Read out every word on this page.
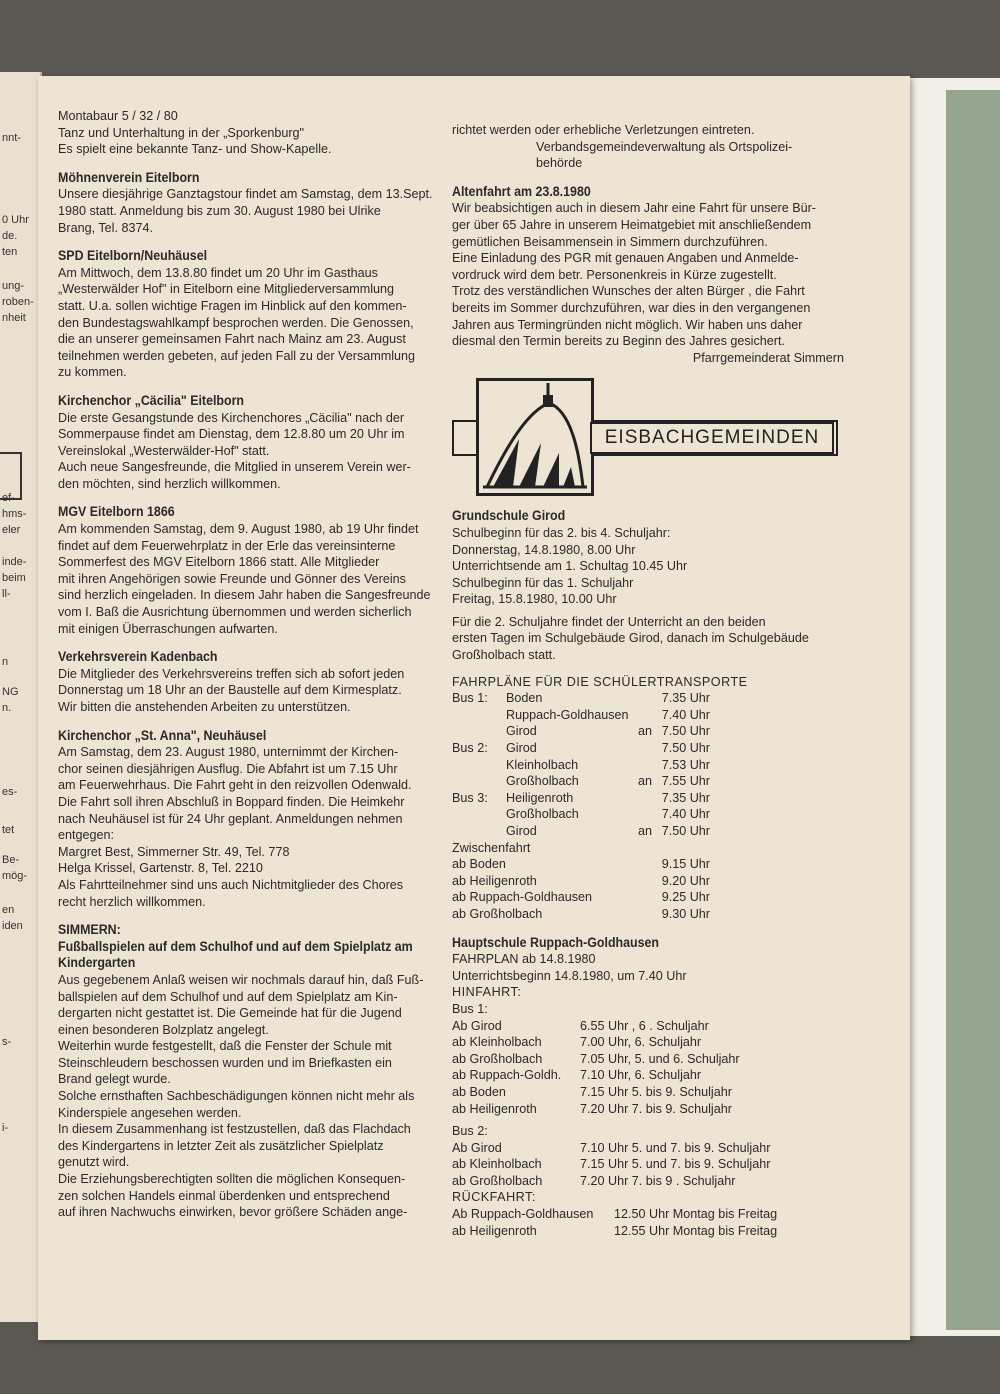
nnt-
0 Uhr
de.
ten
ung-
roben-
nheit
ef-
hms-
eler
inde-
beim
ll-
n
NG
n.
es-
tet
Be-
mög-
en
iden
s-
i-

Montabaur 5 / 32 / 80

Tanz und Unterhaltung in der „Sporkenburg"

Es spielt eine bekannte Tanz- und Show-Kapelle.

Möhnenverein Eitelborn

Unsere diesjährige Ganztagstour findet am Samstag, dem 13.Sept.

1980 statt. Anmeldung bis zum 30. August 1980 bei Ulrike

Brang, Tel. 8374.

SPD Eitelborn/Neuhäusel

Am Mittwoch, dem 13.8.80 findet um 20 Uhr im Gasthaus

„Westerwälder Hof" in Eitelborn eine Mitgliederversammlung

statt. U.a. sollen wichtige Fragen im Hinblick auf den kommen-

den Bundestagswahlkampf besprochen werden. Die Genossen,

die an unserer gemeinsamen Fahrt nach Mainz am 23. August

teilnehmen werden gebeten, auf jeden Fall zu der Versammlung

zu kommen.

Kirchenchor „Cäcilia" Eitelborn

Die erste Gesangstunde des Kirchenchores „Cäcilia" nach der

Sommerpause findet am Dienstag, dem 12.8.80 um 20 Uhr im

Vereinslokal „Westerwälder-Hof" statt.

Auch neue Sangesfreunde, die Mitglied in unserem Verein wer-

den möchten, sind herzlich willkommen.

MGV Eitelborn 1866

Am kommenden Samstag, dem 9. August 1980, ab 19 Uhr findet

findet auf dem Feuerwehrplatz in der Erle das vereinsinterne

Sommerfest des MGV Eitelborn 1866 statt. Alle Mitglieder

mit ihren Angehörigen sowie Freunde und Gönner des Vereins

sind herzlich eingeladen. In diesem Jahr haben die Sangesfreunde

vom I. Baß die Ausrichtung übernommen und werden sicherlich

mit einigen Überraschungen aufwarten.

Verkehrsverein Kadenbach

Die Mitglieder des Verkehrsvereins treffen sich ab sofort jeden

Donnerstag um 18 Uhr an der Baustelle auf dem Kirmesplatz.

Wir bitten die anstehenden Arbeiten zu unterstützen.

Kirchenchor „St. Anna", Neuhäusel

Am Samstag, dem 23. August 1980, unternimmt der Kirchen-

chor seinen diesjährigen Ausflug. Die Abfahrt ist um 7.15 Uhr

am Feuerwehrhaus. Die Fahrt geht in den reizvollen Odenwald.

Die Fahrt soll ihren Abschluß in Boppard finden. Die Heimkehr

nach Neuhäusel ist für 24 Uhr geplant. Anmeldungen nehmen

entgegen:

Margret Best, Simmerner Str. 49, Tel. 778

Helga Krissel, Gartenstr. 8, Tel. 2210

Als Fahrtteilnehmer sind uns auch Nichtmitglieder des Chores

recht herzlich willkommen.

SIMMERN:

Fußballspielen auf dem Schulhof und auf dem Spielplatz am Kindergarten

Aus gegebenem Anlaß weisen wir nochmals darauf hin, daß Fuß-

ballspielen auf dem Schulhof und auf dem Spielplatz am Kin-

dergarten nicht gestattet ist. Die Gemeinde hat für die Jugend

einen besonderen Bolzplatz angelegt.

Weiterhin wurde festgestellt, daß die Fenster der Schule mit

Steinschleudern beschossen wurden und im Briefkasten ein

Brand gelegt wurde.

Solche ernsthaften Sachbeschädigungen können nicht mehr als

Kinderspiele angesehen werden.

In diesem Zusammenhang ist festzustellen, daß das Flachdach

des Kindergartens in letzter Zeit als zusätzlicher Spielplatz

genutzt wird.

Die Erziehungsberechtigten sollten die möglichen Konsequen-

zen solchen Handels einmal überdenken und entsprechend

auf ihren Nachwuchs einwirken, bevor größere Schäden ange-

richtet werden oder erhebliche Verletzungen eintreten.

Verbandsgemeindeverwaltung als Ortspolizei-

behörde

Altenfahrt am 23.8.1980

Wir beabsichtigen auch in diesem Jahr eine Fahrt für unsere Bür-

ger über 65 Jahre in unserem Heimatgebiet mit anschließendem

gemütlichen Beisammensein in Simmern durchzuführen.

Eine Einladung des PGR mit genauen Angaben und Anmelde-

vordruck wird dem betr. Personenkreis in Kürze zugestellt.

Trotz des verständlichen Wunsches der alten Bürger , die Fahrt

bereits im Sommer durchzuführen, war dies in den vergangenen

Jahren aus Termingründen nicht möglich. Wir haben uns daher

diesmal den Termin bereits zu Beginn des Jahres gesichert.

Pfarrgemeinderat Simmern

EISBACHGEMEINDEN

Grundschule Girod

Schulbeginn für das 2. bis 4. Schuljahr:

Donnerstag, 14.8.1980, 8.00 Uhr

Unterrichtsende am 1. Schultag 10.45 Uhr

Schulbeginn für das 1. Schuljahr

Freitag, 15.8.1980, 10.00 Uhr

Für die 2. Schuljahre findet der Unterricht an den beiden

ersten Tagen im Schulgebäude Girod, danach im Schulgebäude

Großholbach statt.

FAHRPLÄNE FÜR DIE SCHÜLERTRANSPORTE

Bus 1:	Boden		7.35 Uhr
	Ruppach-Goldhausen		7.40 Uhr
	Girod	an	7.50 Uhr
Bus 2:	Girod		7.50 Uhr
	Kleinholbach		7.53 Uhr
	Großholbach	an	7.55 Uhr
Bus 3:	Heiligenroth		7.35 Uhr
	Großholbach		7.40 Uhr
	Girod	an	7.50 Uhr

Zwischenfahrt

ab Boden	9.15 Uhr
ab Heiligenroth	9.20 Uhr
ab Ruppach-Goldhausen	9.25 Uhr
ab Großholbach	9.30 Uhr

Hauptschule Ruppach-Goldhausen

FAHRPLAN ab 14.8.1980

Unterrichtsbeginn 14.8.1980, um 7.40 Uhr

HINFAHRT:

Bus 1:

Ab Girod	6.55 Uhr , 6 . Schuljahr
ab Kleinholbach	7.00 Uhr, 6. Schuljahr
ab Großholbach	7.05 Uhr, 5. und 6. Schuljahr
ab Ruppach-Goldh.	7.10 Uhr, 6. Schuljahr
ab Boden	7.15 Uhr 5. bis 9. Schuljahr
ab Heiligenroth	7.20 Uhr 7. bis 9. Schuljahr

Bus 2:

Ab Girod	7.10 Uhr 5. und 7. bis 9. Schuljahr
ab Kleinholbach	7.15 Uhr 5. und 7. bis 9. Schuljahr
ab Großholbach	7.20 Uhr 7. bis 9 . Schuljahr

RÜCKFAHRT:

Ab Ruppach-Goldhausen	12.50 Uhr Montag bis Freitag
ab Heiligenroth	12.55 Uhr Montag bis Freitag
